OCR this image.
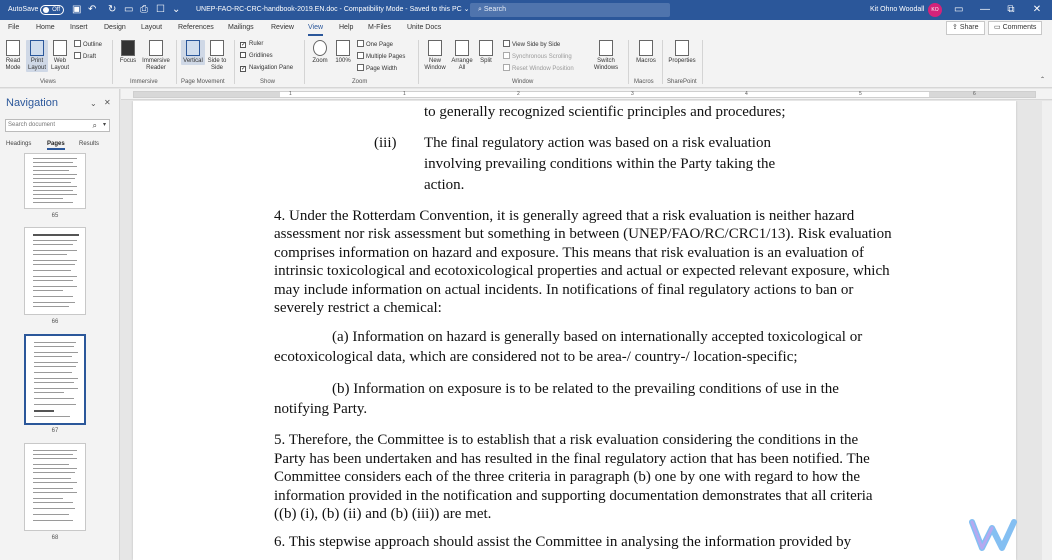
AutoSave	Off	▣ ↶ ↻ ▭ ⎙ ☐ ⌄ UNEP-FAO-RC-CRC-handbook-2019.EN.doc - Compatibility Mode - Saved to this PC ⌄	⌕ Search	Kit Ohno Woodall	KO	▭	—	⧉	✕
File Home Insert Design Layout References Mailings Review View Help M-Files Unite Docs	⇪ Share	▭ Comments
Read Mode
Print Layout
Web Layout
Outline
Draft
Views
Focus Immersive Reader
Immersive
Vertical Side to Side
Page Movement
✓ Ruler
Gridlines
✓ Navigation Pane
Show
Zoom	100%
One Page
Multiple Pages
Page Width
Zoom
New Window
Arrange All
Split
View Side by Side
Synchronous Scrolling
Reset Window Position
Switch Windows
Window
Macros
Macros
Properties
SharePoint	⌃
Navigation	⌄ ✕
Search document	⌕ ▾
Headings	Pages Results
65
66
67
68
1	1	2	3	4	5	6
to generally recognized scientific principles and procedures;
(iii) The final regulatory action was based on a risk evaluation
involving prevailing conditions within the Party taking the
action.
4. Under the Rotterdam Convention, it is generally agreed that a risk evaluation is neither hazard
assessment nor risk assessment but something in between (UNEP/FAO/RC/CRC1/13). Risk evaluation
comprises information on hazard and exposure. This means that risk evaluation is an evaluation of
intrinsic toxicological and ecotoxicological properties and actual or expected relevant exposure, which
may include information on actual incidents. In notifications of final regulatory actions to ban or
severely restrict a chemical:
(a) Information on hazard is generally based on internationally accepted toxicological or
ecotoxicological data, which are considered not to be area-/ country-/ location-specific;
(b) Information on exposure is to be related to the prevailing conditions of use in the
notifying Party.
5. Therefore, the Committee is to establish that a risk evaluation considering the conditions in the
Party has been undertaken and has resulted in the final regulatory action that has been notified. The
Committee considers each of the three criteria in paragraph (b) one by one with regard to how the
information provided in the notification and supporting documentation demonstrates that all criteria
((b) (i), (b) (ii) and (b) (iii)) are met.
6. This stepwise approach should assist the Committee in analysing the information provided by
